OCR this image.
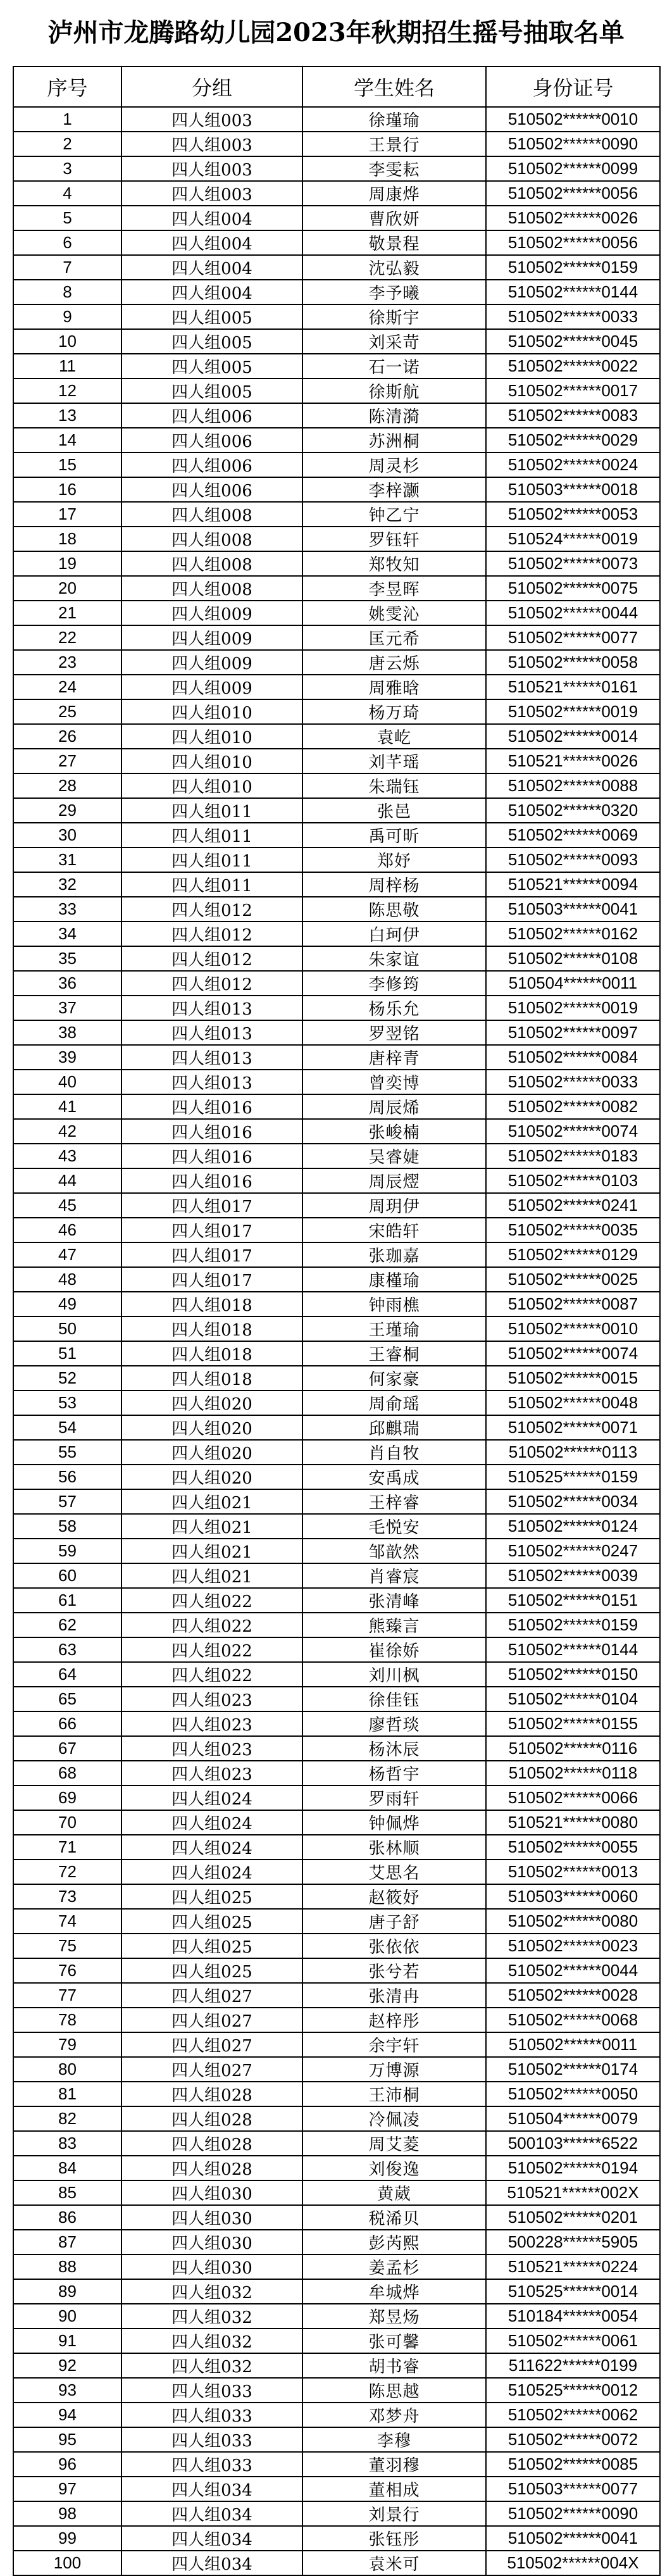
泸州市龙腾路幼儿园2023年秋期招生摇号抽取名单
序号	分组	学生姓名	身份证号
1	四人组003	徐瑾瑜	510502******0010
2	四人组003	王景行	510502******0090
3	四人组003	李雯耘	510502******0099
4	四人组003	周康烨	510502******0056
5	四人组004	曹欣妍	510502******0026
6	四人组004	敬景程	510502******0056
7	四人组004	沈弘毅	510502******0159
8	四人组004	李予曦	510502******0144
9	四人组005	徐斯宇	510502******0033
10	四人组005	刘采苛	510502******0045
11	四人组005	石一诺	510502******0022
12	四人组005	徐斯航	510502******0017
13	四人组006	陈清漪	510502******0083
14	四人组006	苏洲桐	510502******0029
15	四人组006	周灵杉	510502******0024
16	四人组006	李梓灏	510503******0018
17	四人组008	钟乙宁	510502******0053
18	四人组008	罗钰轩	510524******0019
19	四人组008	郑牧知	510502******0073
20	四人组008	李昱晖	510502******0075
21	四人组009	姚雯沁	510502******0044
22	四人组009	匡元希	510502******0077
23	四人组009	唐云烁	510502******0058
24	四人组009	周雅晗	510521******0161
25	四人组010	杨万琦	510502******0019
26	四人组010	袁屹	510502******0014
27	四人组010	刘芊瑶	510521******0026
28	四人组010	朱瑞钰	510502******0088
29	四人组011	张邑	510502******0320
30	四人组011	禹可昕	510502******0069
31	四人组011	郑妤	510502******0093
32	四人组011	周梓杨	510521******0094
33	四人组012	陈思敬	510503******0041
34	四人组012	白珂伊	510502******0162
35	四人组012	朱家谊	510502******0108
36	四人组012	李修筠	510504******0011
37	四人组013	杨乐允	510502******0019
38	四人组013	罗翌铭	510502******0097
39	四人组013	唐梓青	510502******0084
40	四人组013	曾奕博	510502******0033
41	四人组016	周辰烯	510502******0082
42	四人组016	张峻楠	510502******0074
43	四人组016	吴睿婕	510502******0183
44	四人组016	周辰熤	510502******0103
45	四人组017	周玥伊	510502******0241
46	四人组017	宋皓轩	510502******0035
47	四人组017	张珈嘉	510502******0129
48	四人组017	康槿瑜	510502******0025
49	四人组018	钟雨樵	510502******0087
50	四人组018	王瑾瑜	510502******0010
51	四人组018	王睿桐	510502******0074
52	四人组018	何家豪	510502******0015
53	四人组020	周俞瑶	510502******0048
54	四人组020	邱麒瑞	510502******0071
55	四人组020	肖自牧	510502******0113
56	四人组020	安禹成	510525******0159
57	四人组021	王梓睿	510502******0034
58	四人组021	毛悦安	510502******0124
59	四人组021	邹歆然	510502******0247
60	四人组021	肖睿宸	510502******0039
61	四人组022	张清峰	510502******0151
62	四人组022	熊臻言	510502******0159
63	四人组022	崔徐娇	510502******0144
64	四人组022	刘川枫	510502******0150
65	四人组023	徐佳钰	510502******0104
66	四人组023	廖哲琰	510502******0155
67	四人组023	杨沐辰	510502******0116
68	四人组023	杨哲宇	510502******0118
69	四人组024	罗雨轩	510502******0066
70	四人组024	钟佩烨	510521******0080
71	四人组024	张林顺	510502******0055
72	四人组024	艾思名	510502******0013
73	四人组025	赵筱妤	510503******0060
74	四人组025	唐子舒	510502******0080
75	四人组025	张依依	510502******0023
76	四人组025	张兮若	510502******0044
77	四人组027	张清冉	510502******0028
78	四人组027	赵梓彤	510502******0068
79	四人组027	余宇轩	510502******0011
80	四人组027	万博源	510502******0174
81	四人组028	王沛桐	510502******0050
82	四人组028	冷佩凌	510504******0079
83	四人组028	周艾菱	500103******6522
84	四人组028	刘俊逸	510502******0194
85	四人组030	黄葳	510521******002X
86	四人组030	税浠贝	510502******0201
87	四人组030	彭芮熙	500228******5905
88	四人组030	姜孟杉	510521******0224
89	四人组032	牟城烨	510525******0014
90	四人组032	郑昱炀	510184******0054
91	四人组032	张可馨	510502******0061
92	四人组032	胡书睿	511622******0199
93	四人组033	陈思越	510525******0012
94	四人组033	邓梦舟	510502******0062
95	四人组033	李穆	510502******0072
96	四人组033	董羽穆	510502******0085
97	四人组034	董相成	510503******0077
98	四人组034	刘景行	510502******0090
99	四人组034	张钰彤	510502******0041
100	四人组034	袁米可	510502******004X
